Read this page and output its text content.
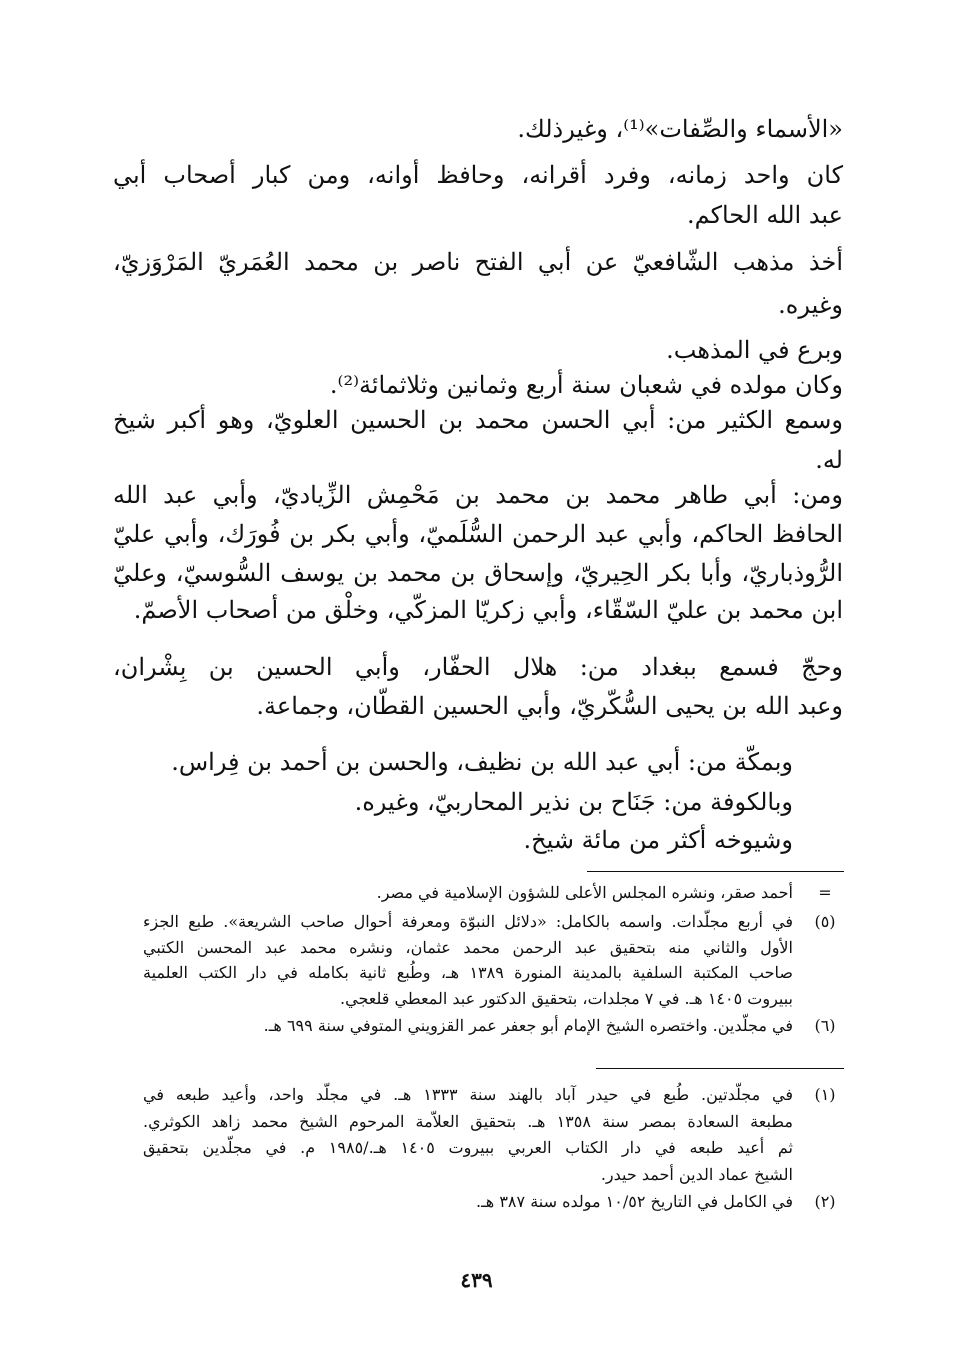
«الأسماء والصِّفات»⁽¹⁾، وغيرذلك.
كان واحد زمانه، وفرد أقرانه، وحافظ أوانه، ومن كبار أصحاب أبي
عبد الله الحاكم.
أخذ مذهب الشّافعيّ عن أبي الفتح ناصر بن محمد العُمَريّ المَرْوَزيّ،
وغيره.
وبرع في المذهب.
وكان مولده في شعبان سنة أربع وثمانين وثلاثمائة⁽²⁾.
وسمع الكثير من: أبي الحسن محمد بن الحسين العلويّ، وهو أكبر شيخ
له.
ومن: أبي طاهر محمد بن محمد بن مَحْمِش الزِّياديّ، وأبي عبد الله
الحافظ الحاكم، وأبي عبد الرحمن السُّلَميّ، وأبي بكر بن فُورَك، وأبي عليّ
الرُّوذباريّ، وأبا بكر الحِيريّ، وإسحاق بن محمد بن يوسف السُّوسيّ، وعليّ
ابن محمد بن عليّ السّقّاء، وأبي زكريّا المزكّي، وخلْق من أصحاب الأصمّ.
وحجّ فسمع ببغداد من: هلال الحفّار، وأبي الحسين بن بِشْران،
وعبد الله بن يحيى السُّكّريّ، وأبي الحسين القطّان، وجماعة.
وبمكّة من: أبي عبد الله بن نظيف، والحسن بن أحمد بن فِراس.
وبالكوفة من: جَنَاح بن نذير المحاربيّ، وغيره.
وشيوخه أكثر من مائة شيخ.
=
أحمد صقر، ونشره المجلس الأعلى للشؤون الإسلامية في مصر.
(٥)
في أربع مجلّدات. واسمه بالكامل: «دلائل النبوّة ومعرفة أحوال صاحب الشريعة». طبع الجزء
الأول والثاني منه بتحقيق عبد الرحمن محمد عثمان، ونشره محمد عبد المحسن الكتبي
صاحب المكتبة السلفية بالمدينة المنورة ١٣٨٩ هـ، وطُبع ثانية بكامله في دار الكتب العلمية
ببيروت ١٤٠٥ هـ. في ٧ مجلدات، بتحقيق الدكتور عبد المعطي قلعجي.
(٦)
في مجلّدين. واختصره الشيخ الإمام أبو جعفر عمر القزويني المتوفي سنة ٦٩٩ هـ.
(١)
في مجلّدتين. طُبع في حيدر آباد بالهند سنة ١٣٣٣ هـ. في مجلّد واحد، وأعيد طبعه في
مطبعة السعادة بمصر سنة ١٣٥٨ هـ. بتحقيق العلاّمة المرحوم الشيخ محمد زاهد الكوثري.
ثم أعيد طبعه في دار الكتاب العربي ببيروت ١٤٠٥ هـ./١٩٨٥ م. في مجلّدين بتحقيق
الشيخ عماد الدين أحمد حيدر.
(٢)
في الكامل في التاريخ ١٠/٥٢ مولده سنة ٣٨٧ هـ.
٤٣٩
